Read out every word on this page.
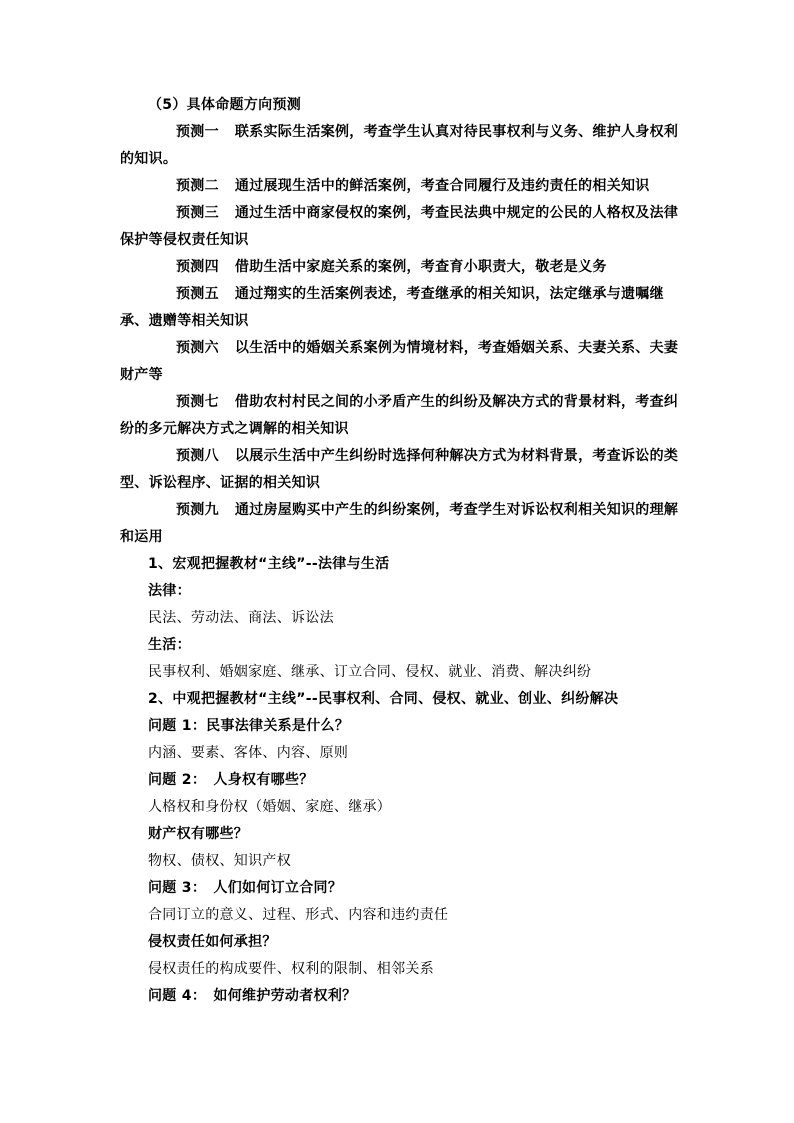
（5）具体命题方向预测

预测一 联系实际生活案例，考查学生认真对待民事权利与义务、维护人身权利的知识。

预测二 通过展现生活中的鲜活案例，考查合同履行及违约责任的相关知识

预测三 通过生活中商家侵权的案例，考查民法典中规定的公民的人格权及法律保护等侵权责任知识

预测四 借助生活中家庭关系的案例，考查育小职责大，敬老是义务

预测五 通过翔实的生活案例表述，考查继承的相关知识，法定继承与遗嘱继承、遗赠等相关知识

预测六 以生活中的婚姻关系案例为情境材料，考查婚姻关系、夫妻关系、夫妻财产等

预测七 借助农村村民之间的小矛盾产生的纠纷及解决方式的背景材料，考查纠纷的多元解决方式之调解的相关知识

预测八 以展示生活中产生纠纷时选择何种解决方式为材料背景，考查诉讼的类型、诉讼程序、证据的相关知识

预测九 通过房屋购买中产生的纠纷案例，考查学生对诉讼权利相关知识的理解和运用

1、宏观把握教材“主线”--法律与生活

法律：

民法、劳动法、商法、诉讼法

生活：

民事权利、婚姻家庭、继承、订立合同、侵权、就业、消费、解决纠纷

2、中观把握教材“主线”--民事权利、合同、侵权、就业、创业、纠纷解决

问题 1：民事法律关系是什么？

内涵、要素、客体、内容、原则

问题 2：　人身权有哪些？

人格权和身份权（婚姻、家庭、继承）

财产权有哪些？

物权、债权、知识产权

问题 3：　人们如何订立合同？

合同订立的意义、过程、形式、内容和违约责任

侵权责任如何承担？

侵权责任的构成要件、权利的限制、相邻关系

问题 4：　如何维护劳动者权利？
